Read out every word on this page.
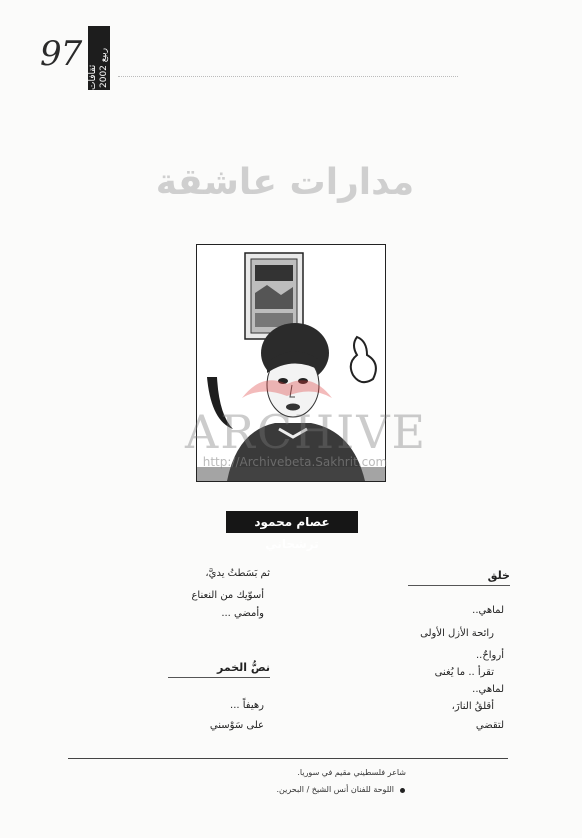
97
ثقافات ربيع 2002
مدارات عاشقة
ARCHIVE
http://Archivebeta.Sakhrit.com
عصام محمود ترشحاني
خلق
لماهي..
رائحة الأزل الأولى
أرواحٌ..
تقرأ .. ما يُغنى
لماهي..
أقلقُ النارَ،
لتقضي
ثم بَسَطتُ يديَّ،
أسوّيك من النعناع
وأمضي ...
نصُّ الخمر
رهيفاً ...
على سَوْسني
شاعر فلسطيني مقيم في سوريا.
اللوحة للفنان أنس الشيخ / البحرين.
